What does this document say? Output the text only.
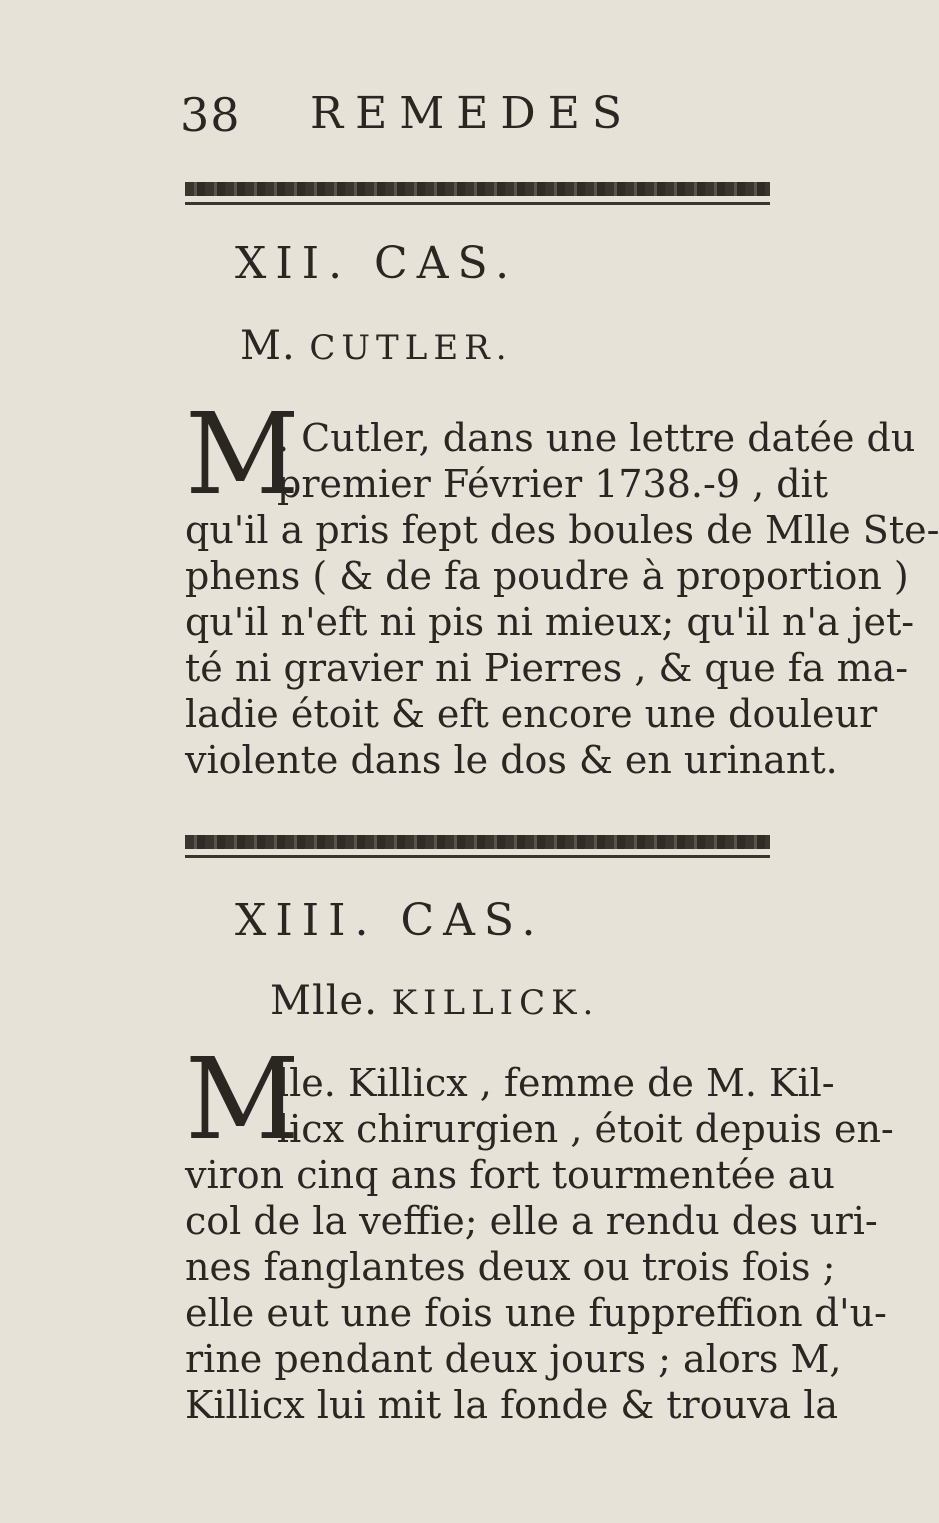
38 REMEDES
XII. CAS.
M. CUTLER.
M
. Cutler, dans une lettre datée du
premier Février 1738.-9 , dit
qu'il a pris fept des boules de Mlle Ste-
phens ( & de fa poudre à proportion )
qu'il n'eft ni pis ni mieux; qu'il n'a jet-
té ni gravier ni Pierres , & que fa ma-
ladie étoit & eft encore une douleur
violente dans le dos & en urinant.
XIII. CAS.
Mlle. KILLICK.
M
lle. Killicx , femme de M. Kil-
licx chirurgien , étoit depuis en-
viron cinq ans fort tourmentée au
col de la veffie; elle a rendu des uri-
nes fanglantes deux ou trois fois ;
elle eut une fois une fuppreffion d'u-
rine pendant deux jours ; alors M,
Killicx lui mit la fonde & trouva la
